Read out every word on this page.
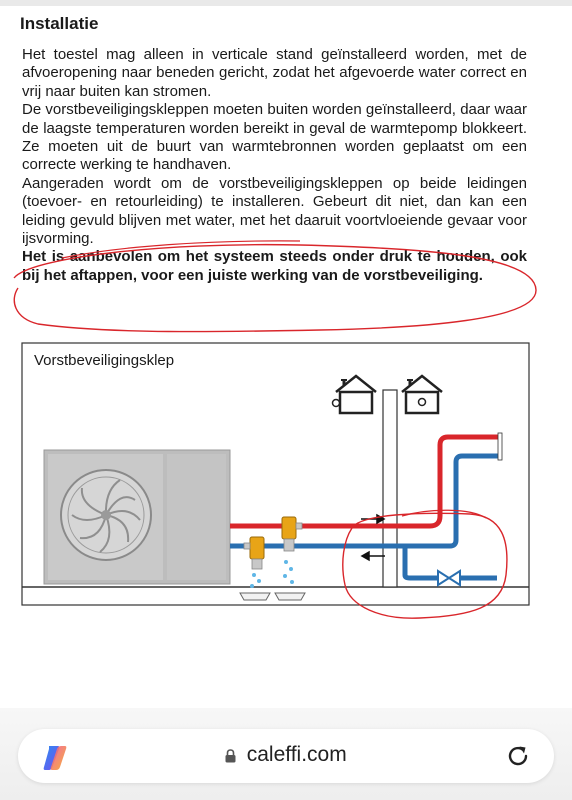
Installatie

Het toestel mag alleen in verticale stand geïnstalleerd worden, met de afvoeropening naar beneden gericht, zodat het afgevoerde water correct en vrij naar buiten kan stromen.

De vorstbeveiligingskleppen moeten buiten worden geïnstalleerd, daar waar de laagste temperaturen worden bereikt in geval de warmtepomp blokkeert. Ze moeten uit de buurt van warmtebronnen worden geplaatst om een correcte werking te handhaven.

Aangeraden wordt om de vorstbeveiligingskleppen op beide leidingen (toevoer- en retourleiding) te installeren. Gebeurt dit niet, dan kan een leiding gevuld blijven met water, met het daaruit voortvloeiende gevaar voor ijsvorming.

Het is aanbevolen om het systeem steeds onder druk te houden, ook bij het aftappen, voor een juiste werking van de vorstbeveiliging.

Vorstbeveiligingsklep
caleffi.com
